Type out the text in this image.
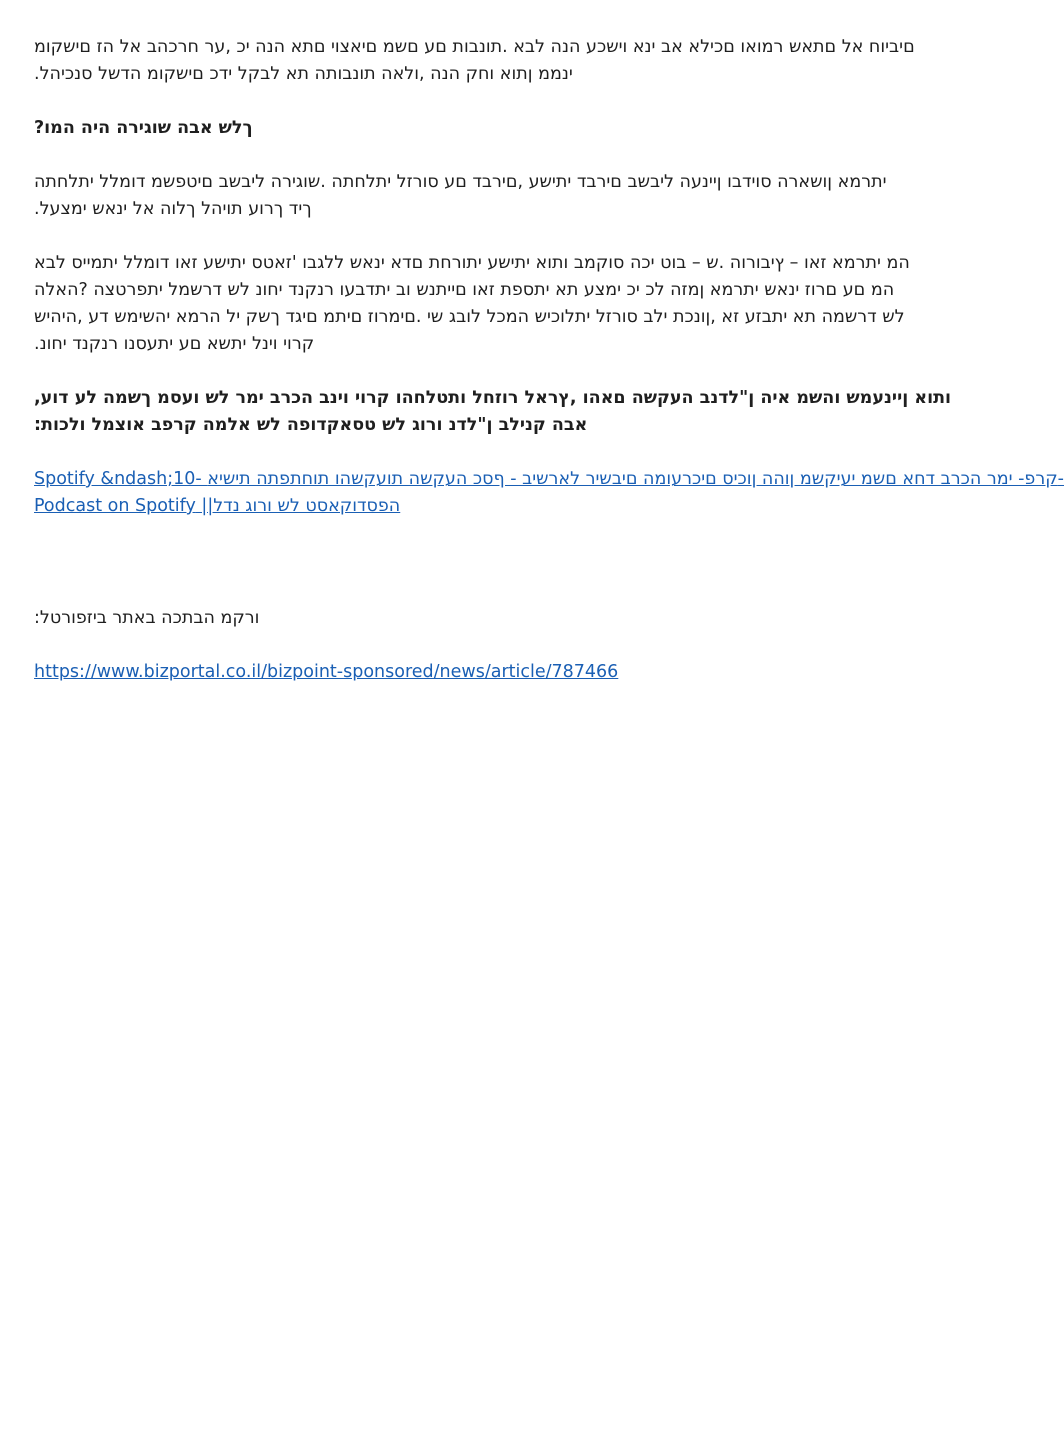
םיביוח אל םתאש רמואו םכילא אב ינא וישכע הנה לבא .תונבות םע םשמ םיאצוי םתא הנה יכ ,ער חרכהב אל הז םישקומ
ינממ ןתוא וחק הנה ,ולאה תונבותה תא לבקל ידכ םישקומ הדשל סנכיהל.
ךלש אבה שוגירה היה המו?
יתרמא ןושארה סוידבו ןיינעה ליבשב םירבד יתישע ,םירבד םע סורזל יתלחתה .שוגירה ליבשב םיטפשמ דומלל יתלחתה
ךיד ךרוע תויהל ךלוה אל ינאש ימצעל.
המ יתרמא זאו – ץיבורוה .ש – בוט יכה סוקמב ותוא יתישע יתורחת םדא ינאש ללגבו 'זאטס יתישע זאו דומלל יתמייס לבא
המ םע םרוז ינאש יתרמא ןמזה לכ יכ ימצע תא יתספת זאו םייתנש וב יתדבעו רנקנד יחונ לש דרשמל יתפרטצה ?האלה
לש דרשמה תא יתבזע זא ,ןונכת ילב סורזל יתלוכיש המכל לובג שי .םימרוז םיתמ םיגד ךשק יל הרמא יהשימש דע ,היהיש
קרוי וינל יתשא םע יתעסנו רנקנד יחונ.
ותוא ןיינעמש והשמ איה ן"לדנב העקשה םאהו ,ץראל רוזחל ותטלחהו קרוי וינב הכרב ימר לש ועסמ ךשמה לע דוע,
אבה קנילב ן"לדנ ורוג לש טסאקדופה לש אלמה קרפב אוצמל ולכות:
Spotify &ndash;10- קרפ- ימר הכרב דחא םשמ יעיקשמ ןוהה ןוכיס םיכרעומה םיבשיר לארשיב - ףסכ העקשה תועקשהו תוחתפתה תישיא-
הפסדוקאסט לש ורוג נדל|| Podcast on Spotify
ורקמ הבתכה באתר ביזפורטל:
https://www.bizportal.co.il/bizpoint-sponsored/news/article/787466
